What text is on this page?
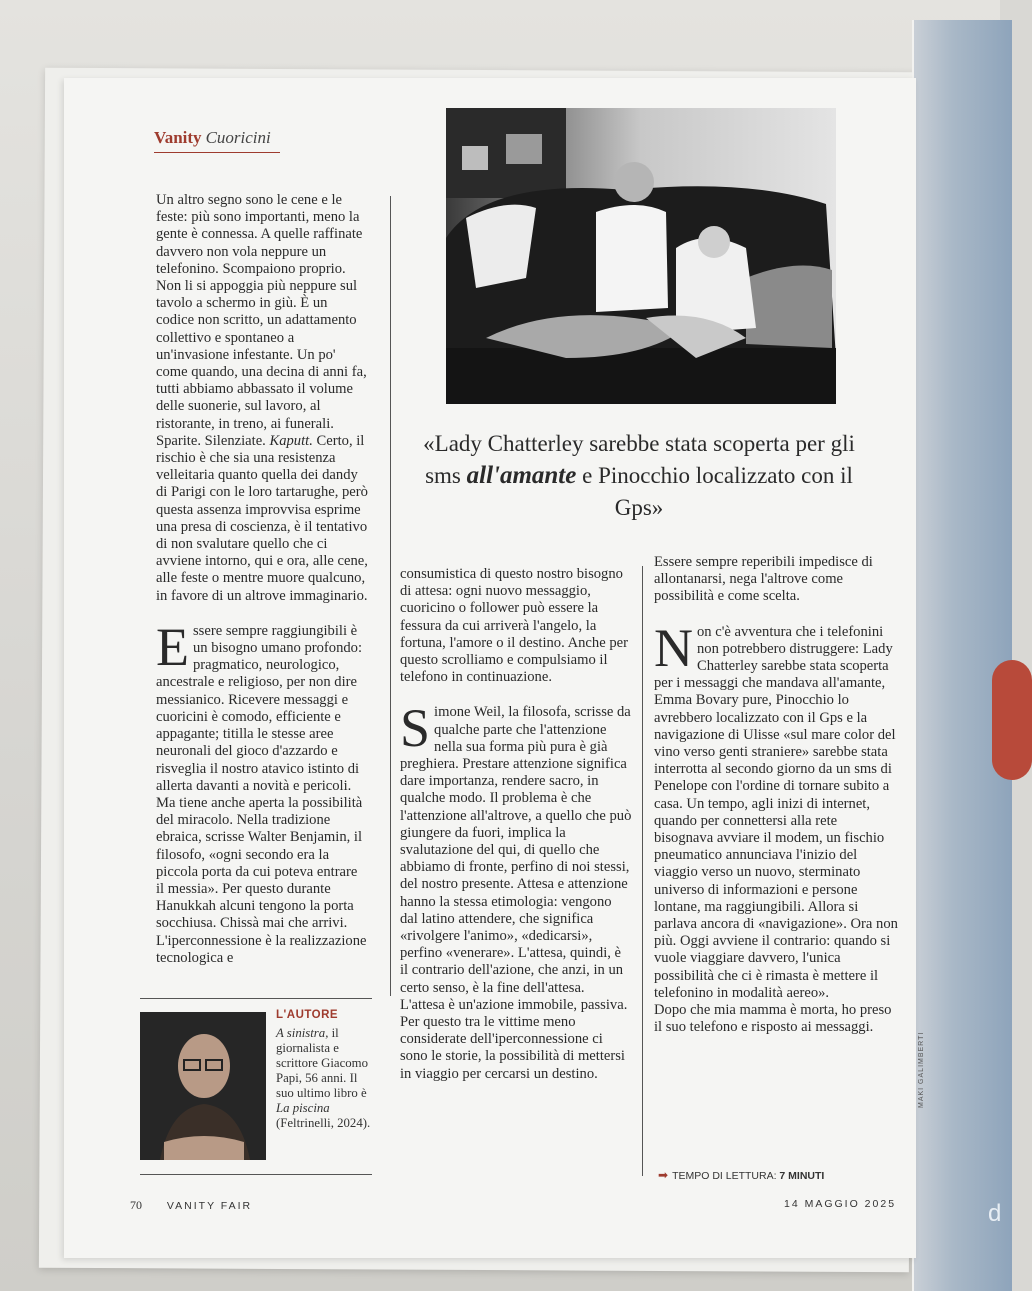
d
Vanity Cuoricini

Un altro segno sono le cene e le feste: più sono importanti, meno la gente è connessa. A quelle raffinate davvero non vola neppure un telefonino. Scompaiono proprio. Non li si appoggia più neppure sul tavolo a schermo in giù. È un codice non scritto, un adattamento collettivo e spontaneo a un'invasione infestante. Un po' come quando, una decina di anni fa, tutti abbiamo abbassato il volume delle suonerie, sul lavoro, al ristorante, in treno, ai funerali. Sparite. Silenziate. Kaputt. Certo, il rischio è che sia una resistenza velleitaria quanto quella dei dandy di Parigi con le loro tartarughe, però questa assenza improvvisa esprime una presa di coscienza, è il tentativo di non svalutare quello che ci avviene intorno, qui e ora, alle cene, alle feste o mentre muore qualcuno, in favore di un altrove immaginario.

Essere sempre raggiungibili è un bisogno umano profondo: pragmatico, neurologico, ancestrale e religioso, per non dire messianico. Ricevere messaggi e cuoricini è comodo, efficiente e appagante; titilla le stesse aree neuronali del gioco d'azzardo e risveglia il nostro atavico istinto di allerta davanti a novità e pericoli. Ma tiene anche aperta la possibilità del miracolo. Nella tradizione ebraica, scrisse Walter Benjamin, il filosofo, «ogni secondo era la piccola porta da cui poteva entrare il messia». Per questo durante Hanukkah alcuni tengono la porta socchiusa. Chissà mai che arrivi. L'iperconnessione è la realizzazione tecnologica e

«Lady Chatterley sarebbe stata scoperta per gli sms all'amante e Pinocchio localizzato con il Gps»

consumistica di questo nostro bisogno di attesa: ogni nuovo messaggio, cuoricino o follower può essere la fessura da cui arriverà l'angelo, la fortuna, l'amore o il destino. Anche per questo scrolliamo e compulsiamo il telefono in continuazione.

Simone Weil, la filosofa, scrisse da qualche parte che l'attenzione nella sua forma più pura è già preghiera. Prestare attenzione significa dare importanza, rendere sacro, in qualche modo. Il problema è che l'attenzione all'altrove, a quello che può giungere da fuori, implica la svalutazione del qui, di quello che abbiamo di fronte, perfino di noi stessi, del nostro presente. Attesa e attenzione hanno la stessa etimologia: vengono dal latino attendere, che significa «rivolgere l'animo», «dedicarsi», perfino «venerare». L'attesa, quindi, è il contrario dell'azione, che anzi, in un certo senso, è la fine dell'attesa. L'attesa è un'azione immobile, passiva. Per questo tra le vittime meno considerate dell'iperconnessione ci sono le storie, la possibilità di mettersi in viaggio per cercarsi un destino.

Essere sempre reperibili impedisce di allontanarsi, nega l'altrove come possibilità e come scelta.

Non c'è avventura che i telefonini non potrebbero distruggere: Lady Chatterley sarebbe stata scoperta per i messaggi che mandava all'amante, Emma Bovary pure, Pinocchio lo avrebbero localizzato con il Gps e la navigazione di Ulisse «sul mare color del vino verso genti straniere» sarebbe stata interrotta al secondo giorno da un sms di Penelope con l'ordine di tornare subito a casa. Un tempo, agli inizi di internet, quando per connettersi alla rete bisognava avviare il modem, un fischio pneumatico annunciava l'inizio del viaggio verso un nuovo, sterminato universo di informazioni e persone lontane, ma raggiungibili. Allora si parlava ancora di «navigazione». Ora non più. Oggi avviene il contrario: quando si vuole viaggiare davvero, l'unica possibilità che ci è rimasta è mettere il telefonino in modalità aereo».

Dopo che mia mamma è morta, ho preso il suo telefono e risposto ai messaggi.

L'AUTORE
A sinistra, il giornalista e scrittore Giacomo Papi, 56 anni. Il suo ultimo libro è La piscina (Feltrinelli, 2024).
➡ TEMPO DI LETTURA: 7 MINUTI
MAKI GALIMBERTI
70 VANITY FAIR	14 MAGGIO 2025
